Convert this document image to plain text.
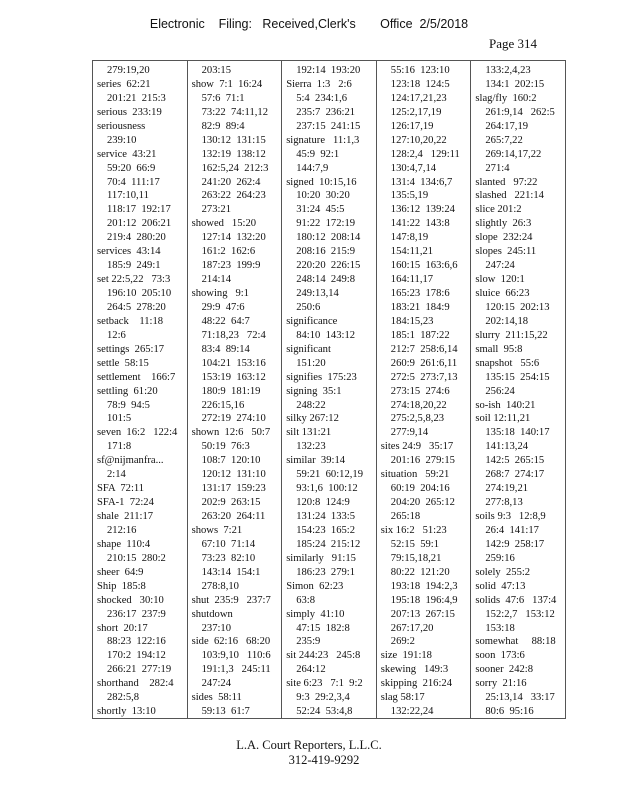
Electronic    Filing:   Received,Clerk's       Office  2/5/2018
Page 314
279:19,20
series  62:21
201:21  215:3
serious  233:19
seriousness
239:10
service  43:21
59:20  66:9
70:4  111:17
117:10,11
118:17  192:17
201:12  206:21
219:4  280:20
services  43:14
185:9  249:1
set 22:5,22   73:3
196:10  205:10
264:5  278:20
setback    11:18
12:6
settings  265:17
settle  58:15
settlement    166:7
settling  61:20
78:9  94:5
101:5
seven  16:2   122:4
171:8
sf@nijmanfra...
2:14
SFA  72:11
SFA-1  72:24
shale  211:17
212:16
shape  110:4
210:15  280:2
sheer  64:9
Ship  185:8
shocked   30:10
236:17  237:9
short  20:17
88:23  122:16
170:2  194:12
266:21  277:19
shorthand    282:4
282:5,8
shortly  13:10
203:15
show  7:1  16:24
57:6  71:1
73:22  74:11,12
82:9  89:4
130:12  131:15
132:19  138:12
162:5,24  212:3
241:20  262:4
263:22  264:23
273:21
showed   15:20
127:14  132:20
161:2  162:6
187:23  199:9
214:14
showing   9:1
29:9  47:6
48:22  64:7
71:18,23   72:4
83:4  89:14
104:21  153:16
153:19  163:12
180:9  181:19
226:15,16
272:19  274:10
shown  12:6   50:7
50:19  76:3
108:7  120:10
120:12  131:10
131:17  159:23
202:9  263:15
263:20  264:11
shows  7:21
67:10  71:14
73:23  82:10
143:14  154:1
278:8,10
shut  235:9   237:7
shutdown
237:10
side  62:16   68:20
103:9,10   110:6
191:1,3   245:11
247:24
sides  58:11
59:13  61:7
192:14  193:20
Sierra  1:3   2:6
5:4  234:1,6
235:7  236:21
237:15  241:15
signature   11:1,3
45:9  92:1
144:7,9
signed  10:15,16
10:20  30:20
31:24  45:5
91:22  172:19
180:12  208:14
208:16  215:9
220:20  226:15
248:14  249:8
249:13,14
250:6
significance
84:10  143:12
significant
151:20
signifies  175:23
signing  35:1
248:22
silky 267:12
silt 131:21
132:23
similar  39:14
59:21  60:12,19
93:1,6  100:12
120:8  124:9
131:24  133:5
154:23  165:2
185:24  215:12
similarly   91:15
186:23  279:1
Simon  62:23
63:8
simply  41:10
47:15  182:8
235:9
sit 244:23   245:8
264:12
site 6:23   7:1  9:2
9:3  29:2,3,4
52:24  53:4,8
55:16  123:10
123:18  124:5
124:17,21,23
125:2,17,19
126:17,19
127:10,20,22
128:2,4   129:11
130:4,7,14
131:4  134:6,7
135:5,19
136:12  139:24
141:22  143:8
147:8,19
154:11,21
160:15  163:6,6
164:11,17
165:23  178:6
183:21  184:9
184:15,23
185:1  187:22
212:7  258:6,14
260:9  261:6,11
272:5  273:7,13
273:15  274:6
274:18,20,22
275:2,5,8,23
277:9,14
sites 24:9   35:17
201:16  279:15
situation   59:21
60:19  204:16
204:20  265:12
265:18
six 16:2   51:23
52:15  59:1
79:15,18,21
80:22  121:20
193:18  194:2,3
195:18  196:4,9
207:13  267:15
267:17,20
269:2
size  191:18
skewing   149:3
skipping  216:24
slag 58:17
132:22,24
133:2,4,23
134:1  202:15
slag/fly  160:2
261:9,14   262:5
264:17,19
265:7,22
269:14,17,22
271:4
slanted   97:22
slashed   221:14
slice 201:2
slightly  26:3
slope  232:24
slopes  245:11
247:24
slow  120:1
sluice  66:23
120:15  202:13
202:14,18
slurry  211:15,22
small  95:8
snapshot   55:6
135:15  254:15
256:24
so-ish  140:21
soil 12:11,21
135:18  140:17
141:13,24
142:5  265:15
268:7  274:17
274:19,21
277:8,13
soils 9:3   12:8,9
26:4  141:17
142:9  258:17
259:16
solely  255:2
solid  47:13
solids  47:6   137:4
152:2,7   153:12
153:18
somewhat     88:18
soon  173:6
sooner  242:8
sorry  21:16
25:13,14   33:17
80:6  95:16
L.A. Court Reporters, L.L.C.
312-419-9292
